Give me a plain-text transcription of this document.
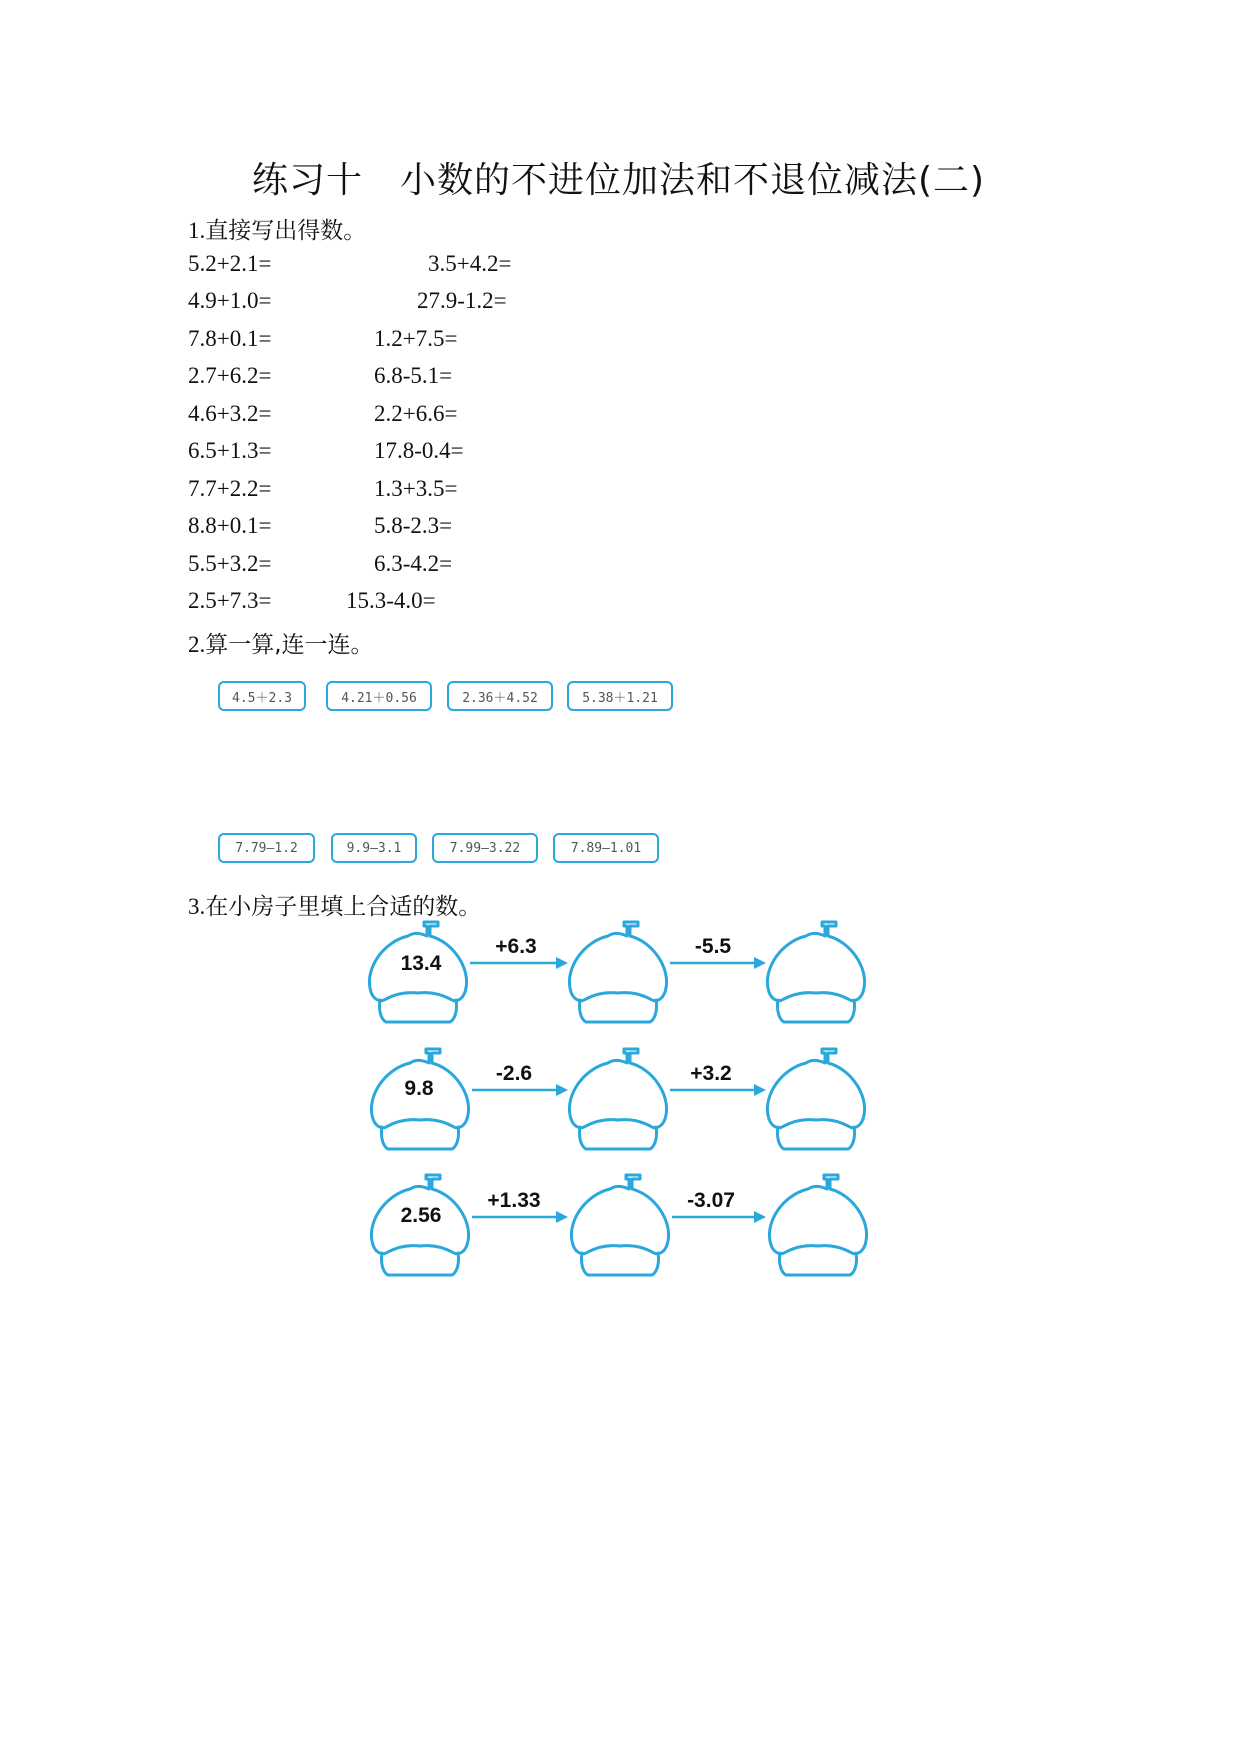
练习十　小数的不进位加法和不退位减法(二)
1.直接写出得数。
5.2+2.1=	3.5+4.2=
4.9+1.0=	27.9-1.2=
7.8+0.1=	1.2+7.5=
2.7+6.2=	6.8-5.1=
4.6+3.2=	2.2+6.6=
6.5+1.3=	17.8-0.4=
7.7+2.2=	1.3+3.5=
8.8+0.1=	5.8-2.3=
5.5+3.2=	6.3-4.2=
2.5+7.3=	15.3-4.0=
2.算一算,连一连。
4.5＋2.3	4.21＋0.56	2.36＋4.52	5.38＋1.21
7.79—1.2	9.9—3.1	7.99—3.22	7.89—1.01
3.在小房子里填上合适的数。
13.4
+6.3	-5.5
9.8
-2.6	+3.2
2.56
+1.33	-3.07
